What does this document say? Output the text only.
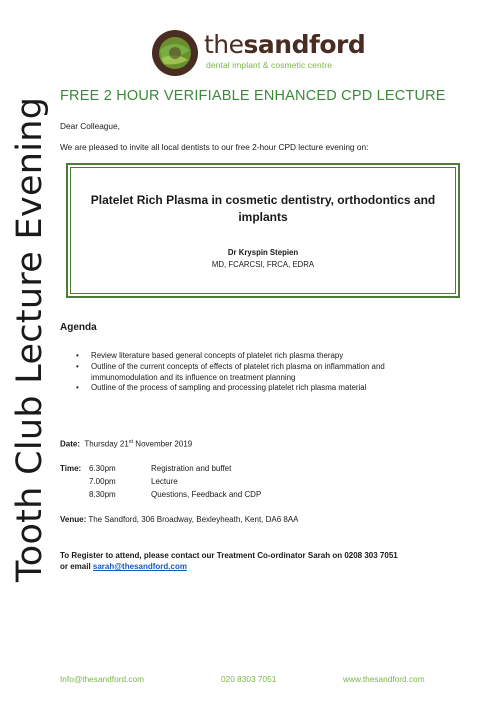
thesandford
dental implant & cosmetic centre
FREE 2 HOUR VERIFIABLE ENHANCED CPD LECTURE
Tooth Club Lecture Evening Dear Colleague,
We are pleased to invite all local dentists to our free 2-hour CPD lecture evening on:
Platelet Rich Plasma in cosmetic dentistry, orthodontics and implants
Dr Kryspin Stepien
MD, FCARCSI, FRCA, EDRA
Agenda
• Review literature based general concepts of platelet rich plasma therapy
• Outline of the current concepts of effects of platelet rich plasma on inflammation and immunomodulation and its influence on treatment planning
• Outline of the process of sampling and processing platelet rich plasma material
Date: Thursday 21st November 2019
Time: 6.30pm	Registration and buffet
7.00pm	Lecture
8.30pm	Questions, Feedback and CDP
Venue: The Sandford, 306 Broadway, Bexleyheath, Kent, DA6 8AA
To Register to attend, please contact our Treatment Co-ordinator Sarah on 0208 303 7051
or email sarah@thesandford.com
Info@thesandford.com	020 8303 7051	www.thesandford.com
